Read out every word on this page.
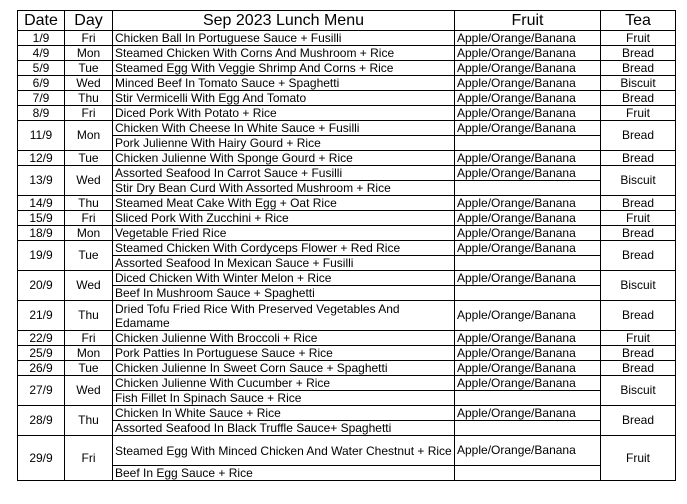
Date	Day	Sep 2023 Lunch Menu	Fruit	Tea
1/9	Fri	Chicken Ball In Portuguese Sauce + Fusilli	Apple/Orange/Banana	Fruit
4/9	Mon	Steamed Chicken With Corns And Mushroom + Rice	Apple/Orange/Banana	Bread
5/9	Tue	Steamed Egg With Veggie Shrimp And Corns + Rice	Apple/Orange/Banana	Bread
6/9	Wed	Minced Beef In Tomato Sauce + Spaghetti	Apple/Orange/Banana	Biscuit
7/9	Thu	Stir Vermicelli With Egg And Tomato	Apple/Orange/Banana	Bread
8/9	Fri	Diced Pork With Potato + Rice	Apple/Orange/Banana	Fruit
11/9	Mon	Chicken With Cheese In White Sauce + Fusilli	Apple/Orange/Banana	Bread
		Pork Julienne With Hairy Gourd + Rice		
12/9	Tue	Chicken Julienne With Sponge Gourd + Rice	Apple/Orange/Banana	Bread
13/9	Wed	Assorted Seafood In Carrot Sauce + Fusilli	Apple/Orange/Banana	Biscuit
		Stir Dry Bean Curd With Assorted Mushroom + Rice		
14/9	Thu	Steamed Meat Cake With Egg + Oat Rice	Apple/Orange/Banana	Bread
15/9	Fri	Sliced Pork With Zucchini + Rice	Apple/Orange/Banana	Fruit
18/9	Mon	Vegetable Fried Rice	Apple/Orange/Banana	Bread
19/9	Tue	Steamed Chicken With Cordyceps Flower + Red Rice	Apple/Orange/Banana	Bread
		Assorted Seafood In Mexican Sauce + Fusilli		
20/9	Wed	Diced Chicken With Winter Melon + Rice	Apple/Orange/Banana	Biscuit
		Beef In Mushroom Sauce + Spaghetti		
21/9	Thu	Dried Tofu Fried Rice With Preserved Vegetables And Edamame	Apple/Orange/Banana	Bread
22/9	Fri	Chicken Julienne With Broccoli + Rice	Apple/Orange/Banana	Fruit
25/9	Mon	Pork Patties In Portuguese Sauce + Rice	Apple/Orange/Banana	Bread
26/9	Tue	Chicken Julienne In Sweet Corn Sauce + Spaghetti	Apple/Orange/Banana	Bread
27/9	Wed	Chicken Julienne With Cucumber + Rice	Apple/Orange/Banana	Biscuit
		Fish Fillet In Spinach Sauce + Rice		
28/9	Thu	Chicken In White Sauce + Rice	Apple/Orange/Banana	Bread
		Assorted Seafood In Black Truffle Sauce+ Spaghetti		
29/9	Fri	Steamed Egg With Minced Chicken And Water Chestnut + Rice	Apple/Orange/Banana	Fruit
		Beef In Egg Sauce + Rice		
